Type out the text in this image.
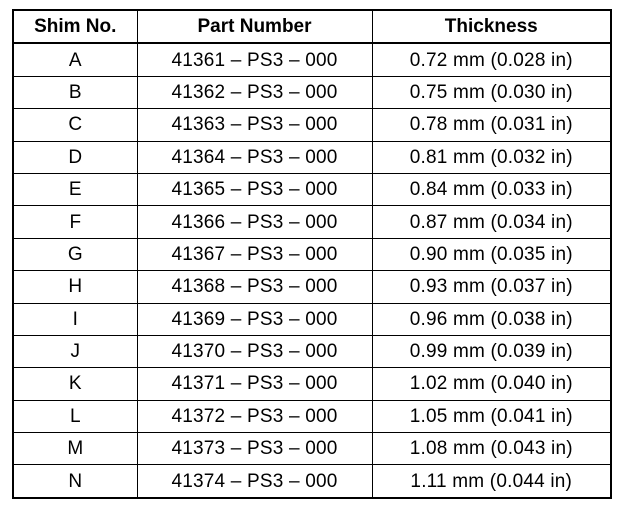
Shim No.	Part Number	Thickness
A	41361 – PS3 – 000	0.72 mm (0.028 in)
B	41362 – PS3 – 000	0.75 mm (0.030 in)
C	41363 – PS3 – 000	0.78 mm (0.031 in)
D	41364 – PS3 – 000	0.81 mm (0.032 in)
E	41365 – PS3 – 000	0.84 mm (0.033 in)
F	41366 – PS3 – 000	0.87 mm (0.034 in)
G	41367 – PS3 – 000	0.90 mm (0.035 in)
H	41368 – PS3 – 000	0.93 mm (0.037 in)
I	41369 – PS3 – 000	0.96 mm (0.038 in)
J	41370 – PS3 – 000	0.99 mm (0.039 in)
K	41371 – PS3 – 000	1.02 mm (0.040 in)
L	41372 – PS3 – 000	1.05 mm (0.041 in)
M	41373 – PS3 – 000	1.08 mm (0.043 in)
N	41374 – PS3 – 000	1.11 mm (0.044 in)
